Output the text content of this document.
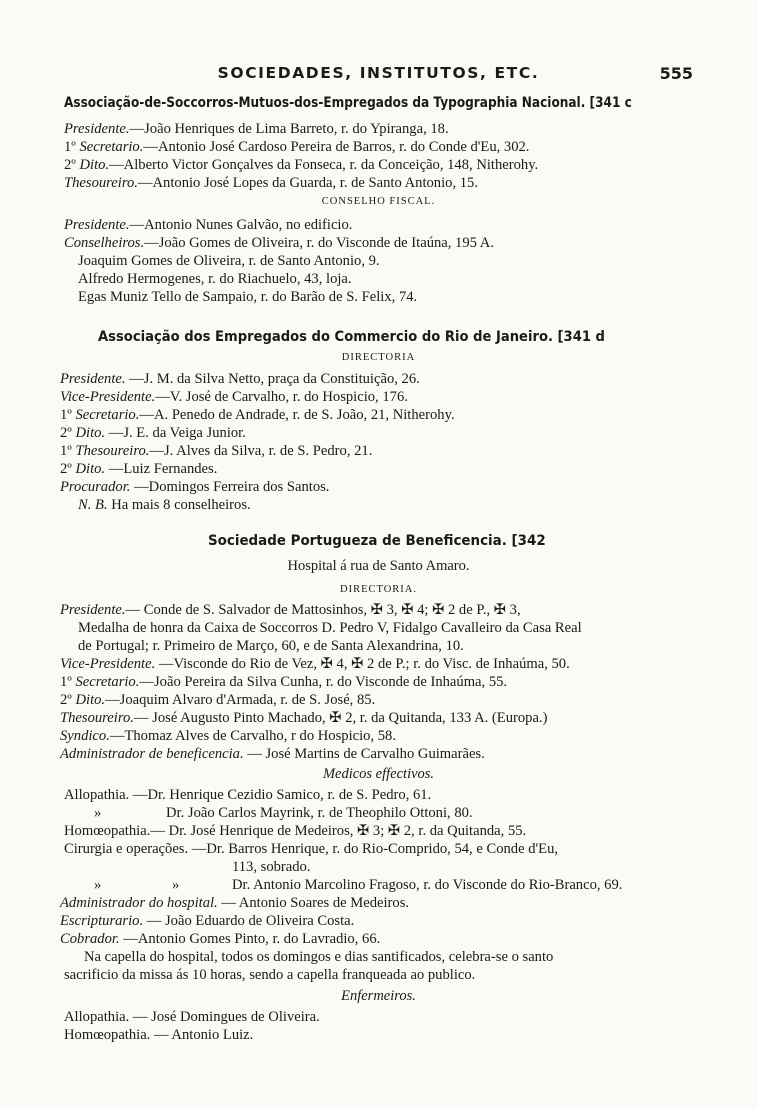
SOCIEDADES, INSTITUTOS, ETC.	555
Associação-de-Soccorros-Mutuos-dos-Empregados da Typographia Nacional. [341 c
Presidente.—João Henriques de Lima Barreto, r. do Ypiranga, 18.
1º Secretario.—Antonio José Cardoso Pereira de Barros, r. do Conde d'Eu, 302.
2º Dito.—Alberto Victor Gonçalves da Fonseca, r. da Conceição, 148, Nitherohy.
Thesoureiro.—Antonio José Lopes da Guarda, r. de Santo Antonio, 15.
CONSELHO FISCAL.
Presidente.—Antonio Nunes Galvão, no edificio.
Conselheiros.—João Gomes de Oliveira, r. do Visconde de Itaúna, 195 A.
Joaquim Gomes de Oliveira, r. de Santo Antonio, 9.
Alfredo Hermogenes, r. do Riachuelo, 43, loja.
Egas Muniz Tello de Sampaio, r. do Barão de S. Felix, 74.
Associação dos Empregados do Commercio do Rio de Janeiro. [341 d
DIRECTORIA
Presidente. —J. M. da Silva Netto, praça da Constituição, 26.
Vice-Presidente.—V. José de Carvalho, r. do Hospicio, 176.
1º Secretario.—A. Penedo de Andrade, r. de S. João, 21, Nitherohy.
2º Dito. —J. E. da Veiga Junior.
1º Thesoureiro.—J. Alves da Silva, r. de S. Pedro, 21.
2º Dito. —Luiz Fernandes.
Procurador. —Domingos Ferreira dos Santos.
N. B. Ha mais 8 conselheiros.
Sociedade Portugueza de Beneficencia. [342
Hospital á rua de Santo Amaro.
DIRECTORIA.
Presidente.— Conde de S. Salvador de Mattosinhos, ✠ 3, ✠ 4; ✠ 2 de P., ✠ 3,
Medalha de honra da Caixa de Soccorros D. Pedro V, Fidalgo Cavalleiro da Casa Real
de Portugal; r. Primeiro de Março, 60, e de Santa Alexandrina, 10.
Vice-Presidente. —Visconde do Rio de Vez, ✠ 4, ✠ 2 de P.; r. do Visc. de Inhaúma, 50.
1º Secretario.—João Pereira da Silva Cunha, r. do Visconde de Inhaúma, 55.
2º Dito.—Joaquim Alvaro d'Armada, r. de S. José, 85.
Thesoureiro.— José Augusto Pinto Machado, ✠ 2, r. da Quitanda, 133 A. (Europa.)
Syndico.—Thomaz Alves de Carvalho, r do Hospicio, 58.
Administrador de beneficencia. — José Martins de Carvalho Guimarães.
Medicos effectivos.
Allopathia. —Dr. Henrique Cezidio Samico, r. de S. Pedro, 61.
»	Dr. João Carlos Mayrink, r. de Theophilo Ottoni, 80.
Homœopathia.— Dr. José Henrique de Medeiros, ✠ 3; ✠ 2, r. da Quitanda, 55.
Cirurgia e operações. —Dr. Barros Henrique, r. do Rio-Comprido, 54, e Conde d'Eu,
113, sobrado.
»	»	Dr. Antonio Marcolino Fragoso, r. do Visconde do Rio-Branco, 69.
Administrador do hospital. — Antonio Soares de Medeiros.
Escripturario. — João Eduardo de Oliveira Costa.
Cobrador. —Antonio Gomes Pinto, r. do Lavradio, 66.
Na capella do hospital, todos os domingos e dias santificados, celebra-se o santo
sacrificio da missa ás 10 horas, sendo a capella franqueada ao publico.
Enfermeiros.
Allopathia. — José Domingues de Oliveira.
Homœopathia. — Antonio Luiz.
